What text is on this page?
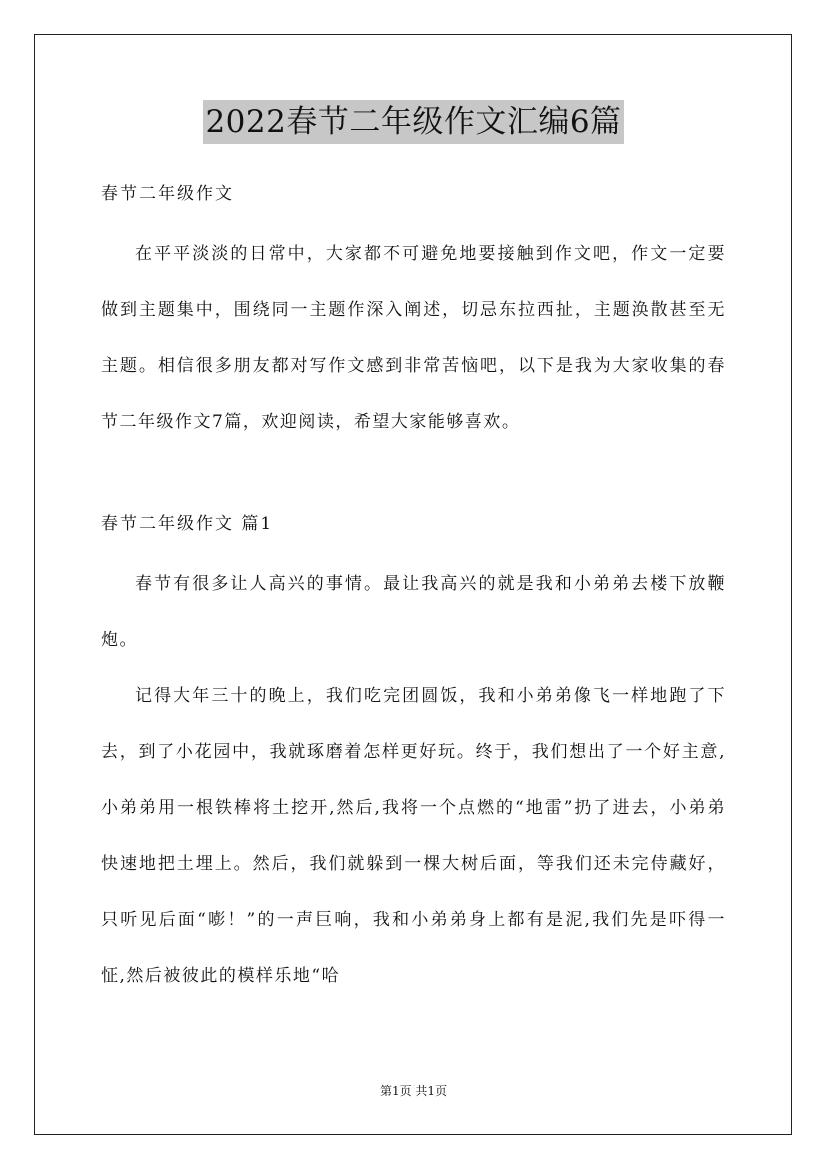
2022春节二年级作文汇编6篇

春节二年级作文

在平平淡淡的日常中，大家都不可避免地要接触到作文吧，作文一定要做到主题集中，围绕同一主题作深入阐述，切忌东拉西扯，主题涣散甚至无主题。相信很多朋友都对写作文感到非常苦恼吧，以下是我为大家收集的春节二年级作文7篇，欢迎阅读，希望大家能够喜欢。

春节二年级作文 篇1

春节有很多让人高兴的事情。最让我高兴的就是我和小弟弟去楼下放鞭炮。

记得大年三十的晚上，我们吃完团圆饭，我和小弟弟像飞一样地跑了下去，到了小花园中，我就琢磨着怎样更好玩。终于，我们想出了一个好主意,小弟弟用一根铁棒将土挖开,然后,我将一个点燃的“地雷”扔了进去，小弟弟快速地把土埋上。然后，我们就躲到一棵大树后面，等我们还未完侍藏好，只听见后面“嘭！”的一声巨响，我和小弟弟身上都有是泥,我们先是吓得一怔,然后被彼此的模样乐地“哈

第1页 共1页
